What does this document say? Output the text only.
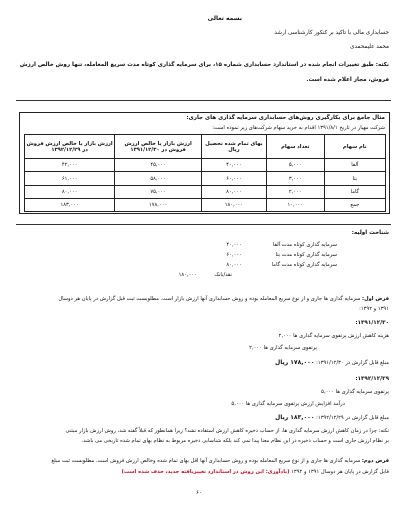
بسمه تعالی
حسابداری مالی با تاکید بر کنکور کارشناسی ارشد
محمد علیمحمدی
نکته: طبق تغییرات انجام شده در استاندارد حسابداری شماره ۱۵، برای سرمایه گذاری کوتاه مدت سریع المعامله، تنها روش خالص ارزش
فروش، مجاز اعلام شده است.
مثال جامع برای بکارگیری روش‌های حسابداری سرمایه گذاری های جاری:
شرکت مهیار در تاریخ ۱۳۹۱/۸/۱ اقدام به خرید سهام شرکت‌های زیر نموده است:
نام سهام	تعداد سهام	بهای تمام شده تحصیل ریال	ارزش بازار یا خالص ارزش فروش در ۱۳۹۱/۱۲/۳۰	ارزش بازار یا خالص ارزش فروش در ۱۳۹۲/۱۲/۲۹
آلفا	۵,۰۰۰	۴۰,۰۰۰	۴۵,۰۰۰	۴۲,۰۰۰
بتا	۳,۰۰۰	۶۰,۰۰۰	۵۸,۰۰۰	۶۱,۰۰۰
گاما	۲,۰۰۰	۸۰,۰۰۰	۷۵,۰۰۰	۸۰,۰۰۰
جمع	۱۰,۰۰۰	۱۸۰,۰۰۰	۱۷۸,۰۰۰	۱۸۳,۰۰۰
شناخت اولیه:
سرمایه گذاری کوتاه مدت آلفا
۴۰,۰۰۰
سرمایه گذاری کوتاه مدت بتا
۶۰,۰۰۰
سرمایه گذاری کوتاه مدت گاما
۸۰,۰۰۰
نقد/بانک
۱۸۰,۰۰۰
فرض اول: سرمایه گذاری ها جاری و از نوع سریع المعامله بوده و روش حسابداری آنها ارزش بازار است. مطلوبست ثبت قبل گزارش در پایان هر دوسال
۱۳۹۱ و ۱۳۹۲:
۱۳۹۱/۱۲/۳۰:
هزینه کاهش ارزش پرتفوی سرمایه گذاری ها ۲,۰۰۰
پرتفوی سرمایه گذاری ها ۲,۰۰۰
مبلغ قابل گزارش در ۱۳۹۱/۱۲/۳۰: ۱۷۸,۰۰۰ ریال
۱۳۹۲/۱۲/۲۹:
پرتفوی سرمایه گذاری ها ۵,۰۰۰
درآمد افزایش ارزش پرتفوی سرمایه گذاری ها ۵,۰۰۰
مبلغ قابل گزارش در ۱۳۹۲/۱۲/۲۹: ۱۸۳,۰۰۰ ریال
نکته: چرا در زمان کاهش ارزش سرمایه گذاری ها، از حساب ذخیره کاهش ارزش استفاده نشد؟ زیرا همانطور که قبلاً گفته شد، روش ارزش بازار مبتنی
بر نظام ارزش جاری است و حساب ذخیره در این نظام معنا پیدا نمی کند بلکه شناسایی ذخیره مربوط به نظام بهای تمام شده تاریخی می باشد.
فرض دوم: سرمایه گذاری ها جاری و از نوع سریع المعامله بوده و روش حسابداری آنها اقل بهای تمام شده وخالص ارزش فروش است. مطلوبست ثبت مبلغ
قابل گزارش در پایان هر دوسال ۱۳۹۱ و ۱۳۹۲ (یادآوری: این روش در استاندارد تغییریافته جدید، حذف شده است)
۶۰
